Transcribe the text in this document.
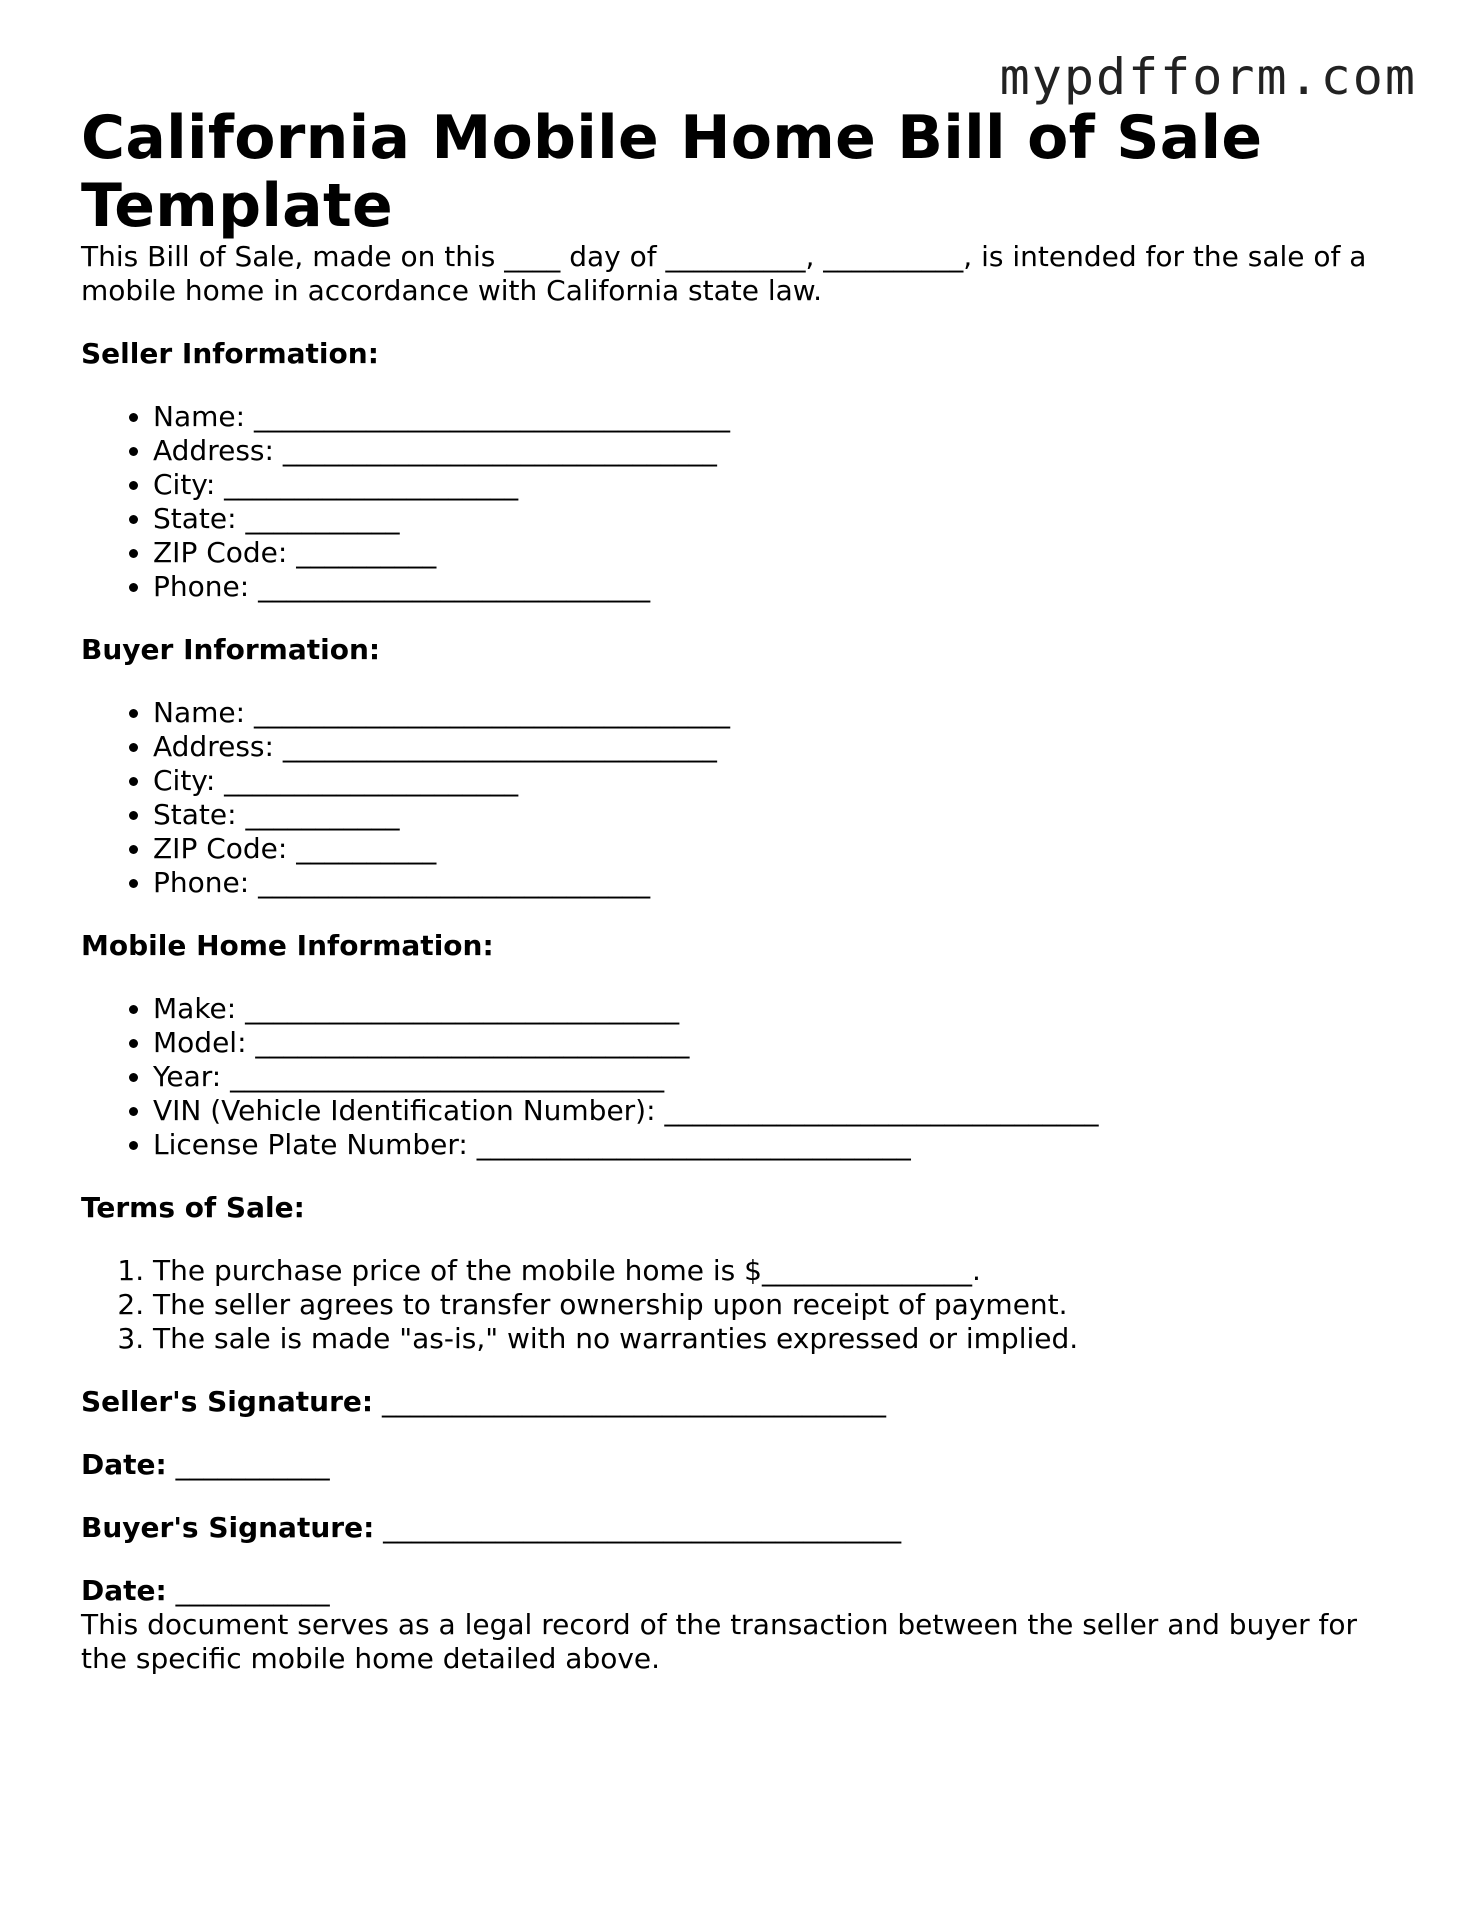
mypdfform.com
California Mobile Home Bill of Sale Template

This Bill of Sale, made on this ____ day of __________, __________, is intended for the sale of a mobile home in accordance with California state law.

Seller Information:
• Name: __________________________________
• Address: _______________________________
• City: _____________________
• State: ___________
• ZIP Code: __________
• Phone: ____________________________
Buyer Information:
• Name: __________________________________
• Address: _______________________________
• City: _____________________
• State: ___________
• ZIP Code: __________
• Phone: ____________________________
Mobile Home Information:
• Make: _______________________________
• Model: _______________________________
• Year: _______________________________
• VIN (Vehicle Identification Number): _______________________________
• License Plate Number: _______________________________
Terms of Sale:
1. The purchase price of the mobile home is $_______________.
2. The seller agrees to transfer ownership upon receipt of payment.
3. The sale is made "as-is," with no warranties expressed or implied.
Seller's Signature: ____________________________________
Date: ___________
Buyer's Signature: _____________________________________
Date: ___________

This document serves as a legal record of the transaction between the seller and buyer for the specific mobile home detailed above.
